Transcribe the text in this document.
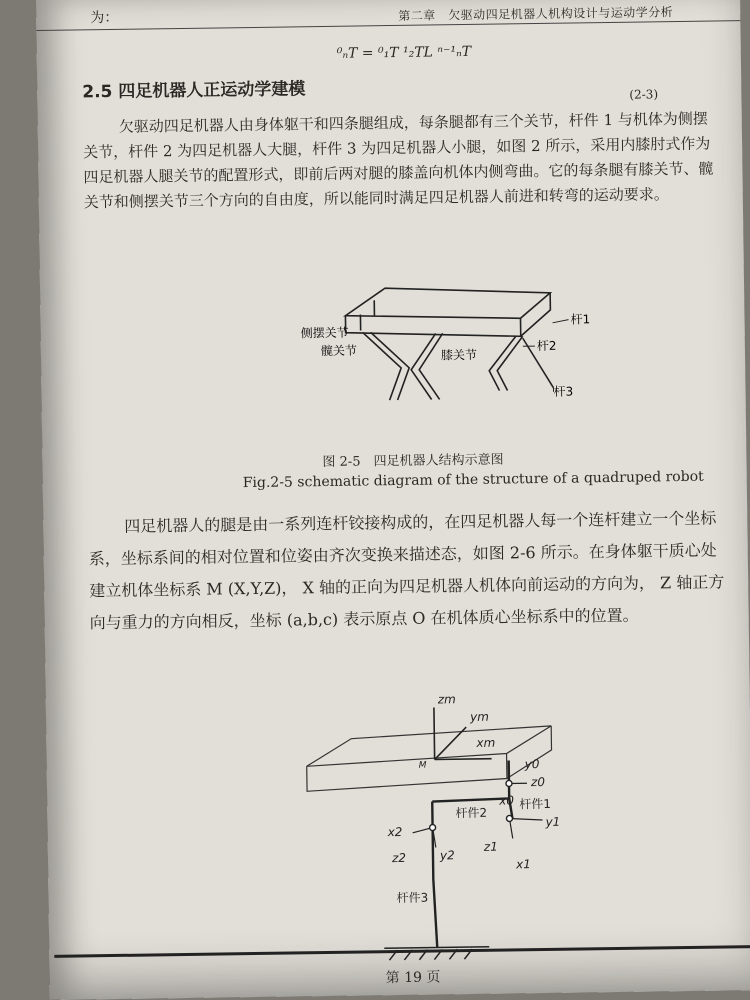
为：	第二章　欠驱动四足机器人机构设计与运动学分析
⁰ₙT = ⁰₁T ¹₂TL ⁿ⁻¹ₙT
2.5 四足机器人正运动学建模	(2-3)
欠驱动四足机器人由身体躯干和四条腿组成，每条腿都有三个关节，杆件 1 与机体为侧摆关节，杆件 2 为四足机器人大腿，杆件 3 为四足机器人小腿，如图 2 所示，采用内膝肘式作为四足机器人腿关节的配置形式，即前后两对腿的膝盖向机体内侧弯曲。它的每条腿有膝关节、髋关节和侧摆关节三个方向的自由度，所以能同时满足四足机器人前进和转弯的运动要求。
侧摆关节
髋关节	膝关节
杆1
杆2
杆3
图 2-5　四足机器人结构示意图
Fig.2-5 schematic diagram of the structure of a quadruped robot
四足机器人的腿是由一系列连杆铰接构成的，在四足机器人每一个连杆建立一个坐标系，坐标系间的相对位置和位姿由齐次变换来描述态，如图 2-6 所示。在身体躯干质心处建立机体坐标系 M (X,Y,Z)， X 轴的正向为四足机器人机体向前运动的方向为， Z 轴正方向与重力的方向相反，坐标 (a,b,c) 表示原点 O 在机体质心坐标系中的位置。
zm
ym
xm
M	y0
z0
x0 杆件1
杆件2
y1
x2
z2	y2
z1
x1
杆件3
第 19 页
